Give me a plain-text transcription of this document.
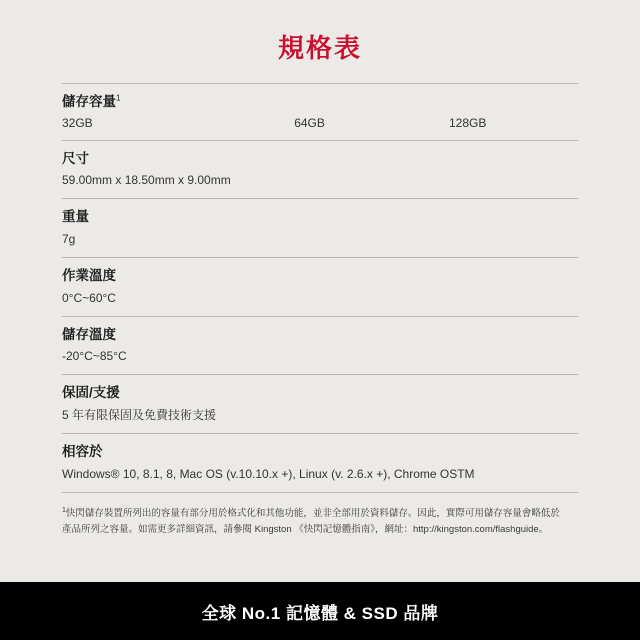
規格表
儲存容量$^1$
32GB	64GB	128GB
尺寸
59.00mm x 18.50mm x 9.00mm
重量
7g
作業溫度
0°C~60°C
儲存溫度
-20°C~85°C
保固/支援
5 年有限保固及免費技術支援
相容於
Windows® 10, 8.1, 8, Mac OS (v.10.10.x +), Linux (v. 2.6.x +), Chrome OSTM
$^1$快閃儲存裝置所列出的容量有部分用於格式化和其他功能，並非全部用於資料儲存。因此，實際可用儲存容量會略低於
產品所列之容量。如需更多詳細資訊，請參閱 Kingston 《快閃記憶體指南》，網址：http://kingston.com/flashguide。
全球 No.1 記憶體 & SSD 品牌
